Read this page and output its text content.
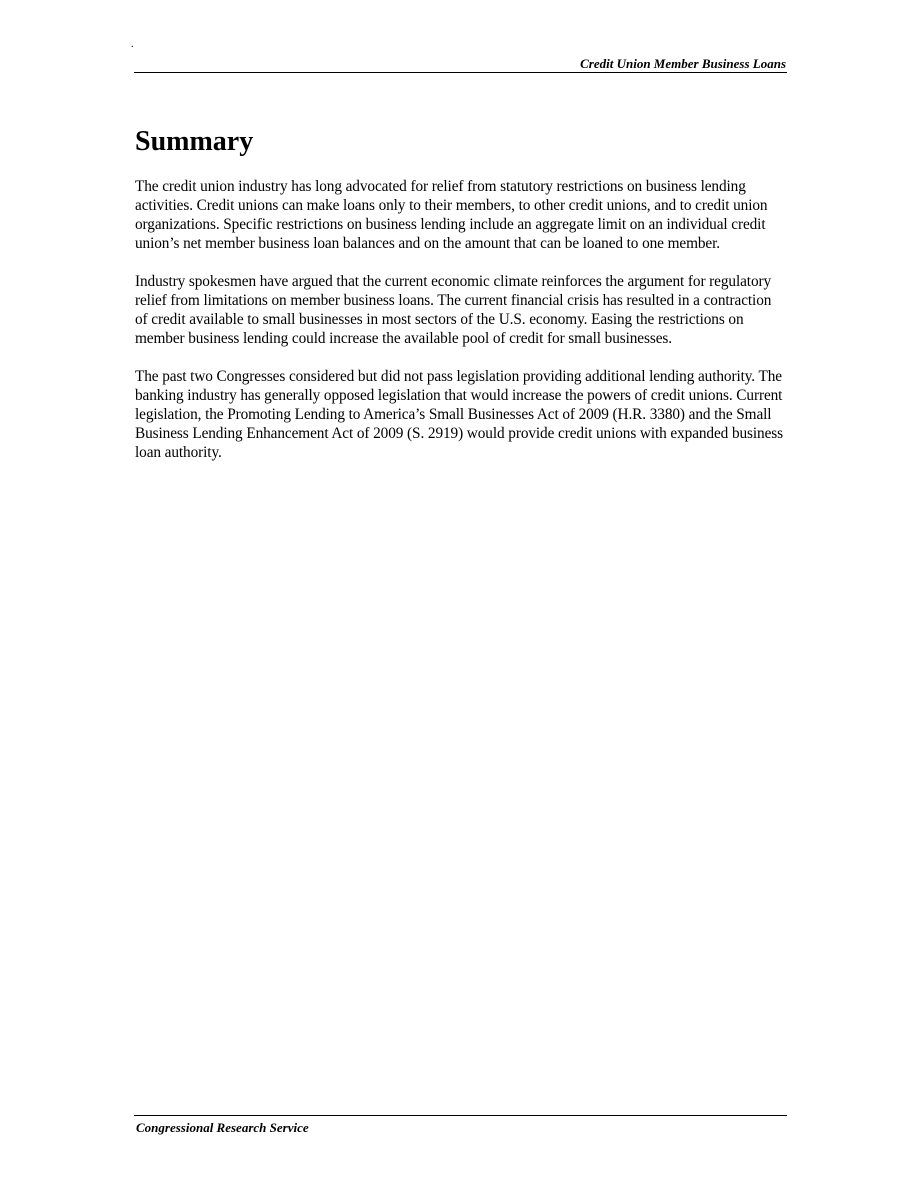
.
Credit Union Member Business Loans
Summary

The credit union industry has long advocated for relief from statutory restrictions on business lending activities. Credit unions can make loans only to their members, to other credit unions, and to credit union organizations. Specific restrictions on business lending include an aggregate limit on an individual credit union’s net member business loan balances and on the amount that can be loaned to one member.

Industry spokesmen have argued that the current economic climate reinforces the argument for regulatory relief from limitations on member business loans. The current financial crisis has resulted in a contraction of credit available to small businesses in most sectors of the U.S. economy. Easing the restrictions on member business lending could increase the available pool of credit for small businesses.

The past two Congresses considered but did not pass legislation providing additional lending authority. The banking industry has generally opposed legislation that would increase the powers of credit unions. Current legislation, the Promoting Lending to America’s Small Businesses Act of 2009 (H.R. 3380) and the Small Business Lending Enhancement Act of 2009 (S. 2919) would provide credit unions with expanded business loan authority.

Congressional Research Service
